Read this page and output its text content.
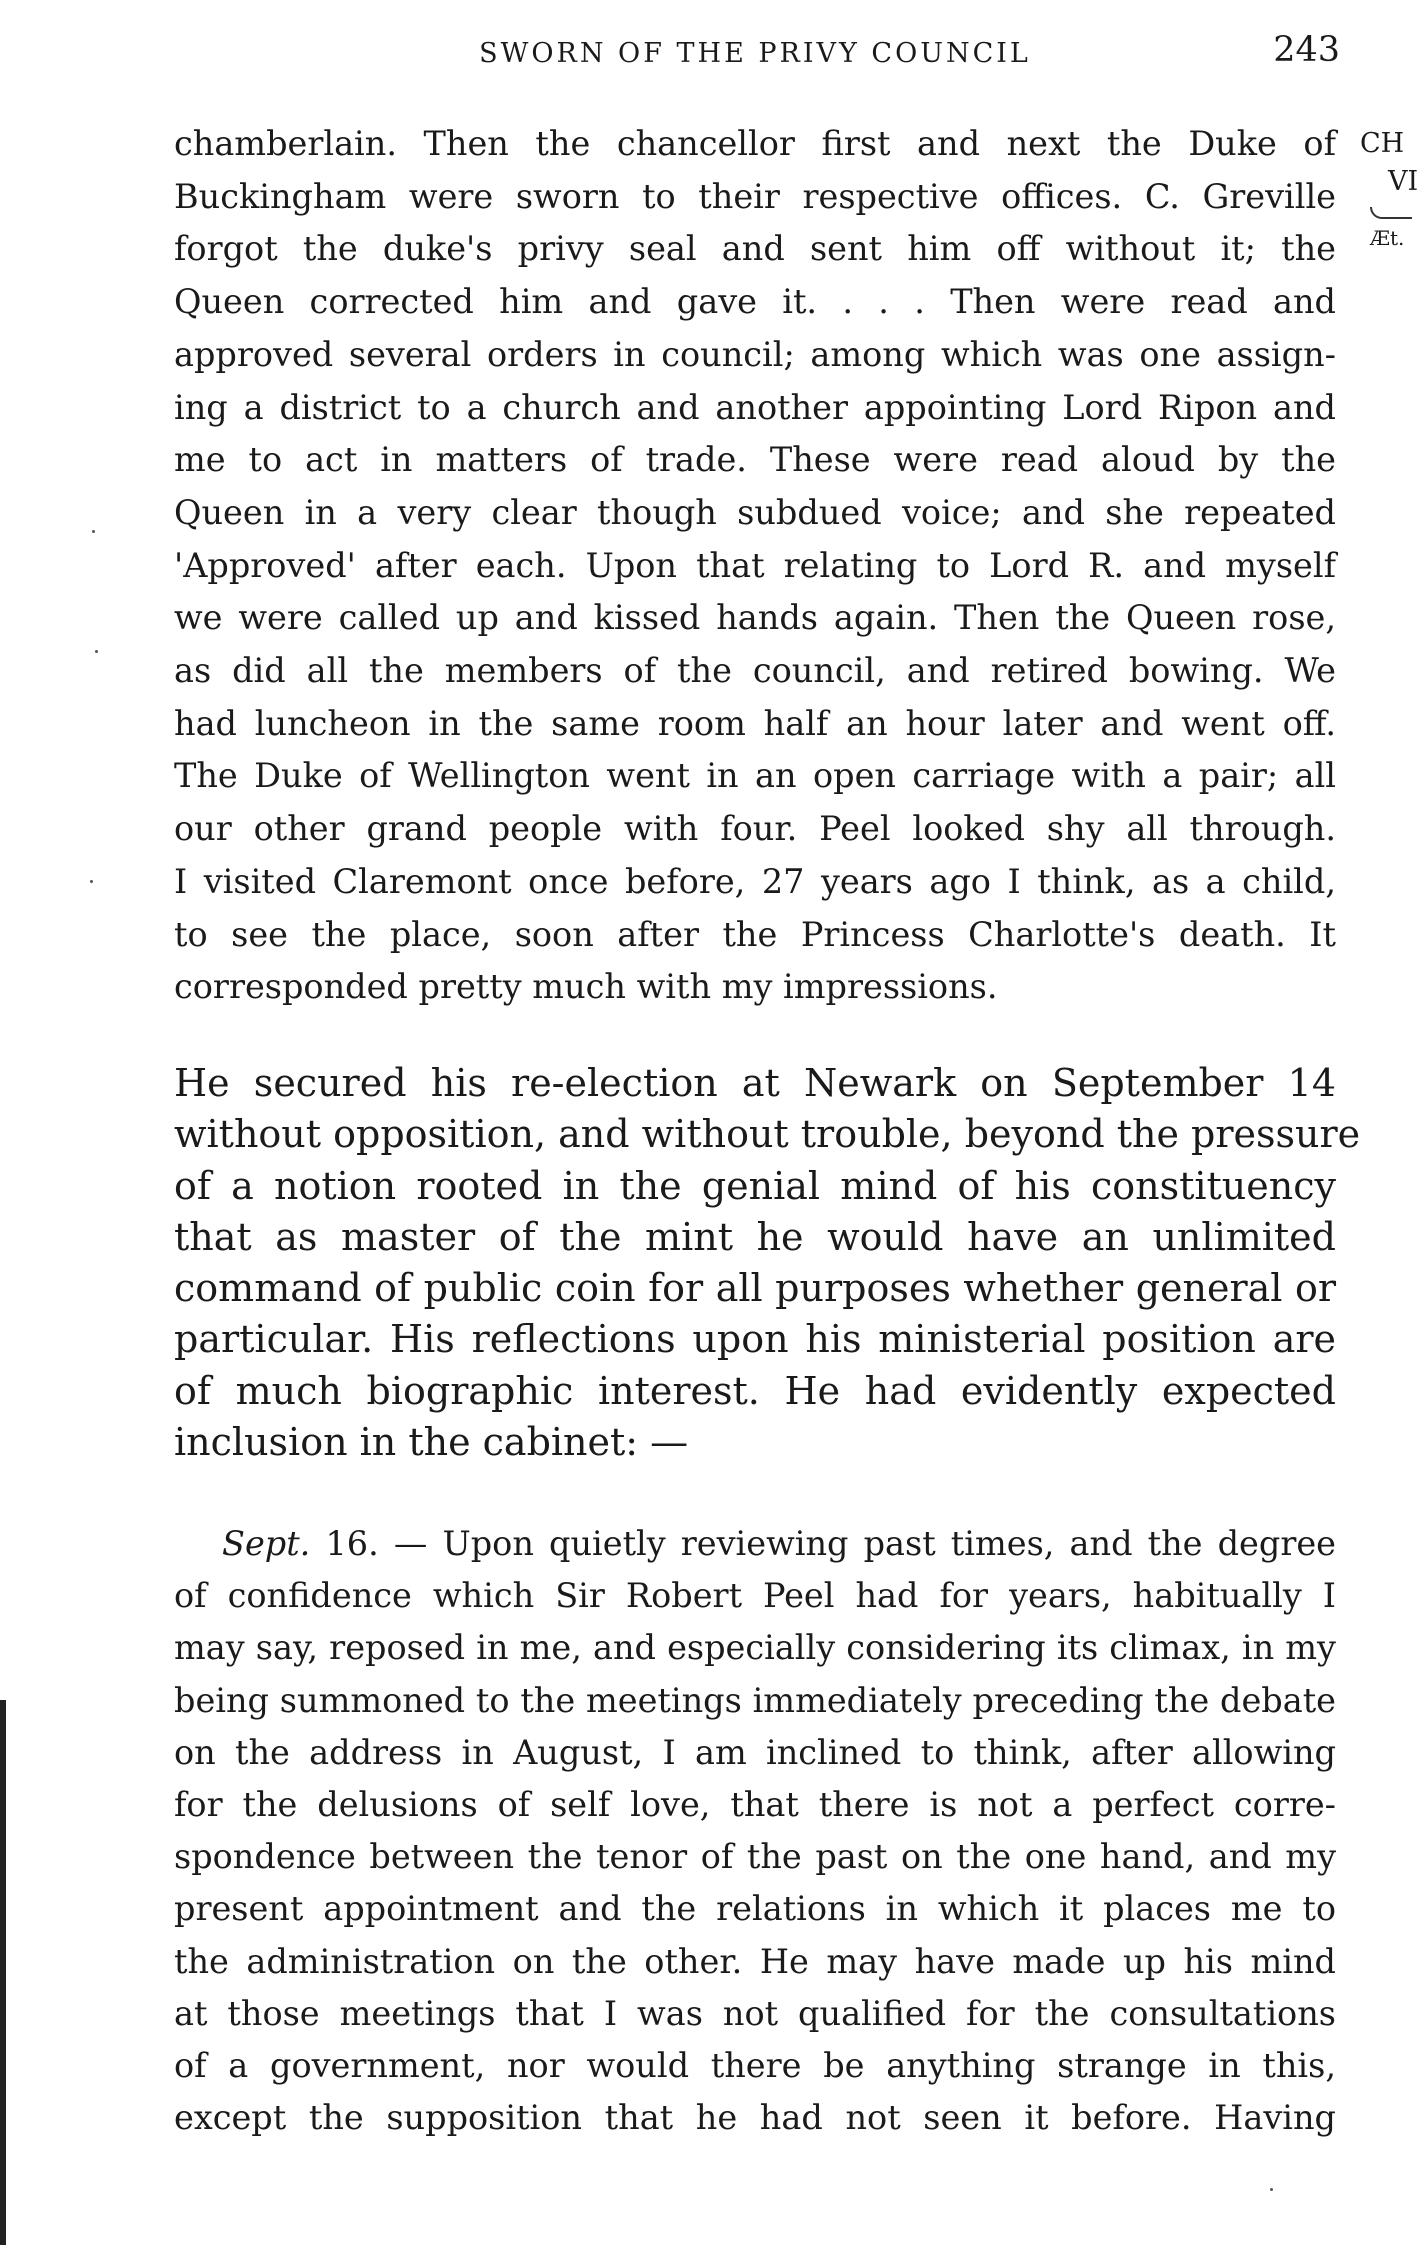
SWORN OF THE PRIVY COUNCIL	243
CH
VI
Æt.
chamberlain. Then the chancellor first and next the Duke of
Buckingham were sworn to their respective offices. C. Greville
forgot the duke's privy seal and sent him off without it; the
Queen corrected him and gave it. . . . Then were read and
approved several orders in council; among which was one assign-
ing a district to a church and another appointing Lord Ripon and
me to act in matters of trade. These were read aloud by the
Queen in a very clear though subdued voice; and she repeated
'Approved' after each. Upon that relating to Lord R. and myself
we were called up and kissed hands again. Then the Queen rose,
as did all the members of the council, and retired bowing. We
had luncheon in the same room half an hour later and went off.
The Duke of Wellington went in an open carriage with a pair; all
our other grand people with four. Peel looked shy all through.
I visited Claremont once before, 27 years ago I think, as a child,
to see the place, soon after the Princess Charlotte's death. It
corresponded pretty much with my impressions.
He secured his re-election at Newark on September 14
without opposition, and without trouble, beyond the pressure
of a notion rooted in the genial mind of his constituency
that as master of the mint he would have an unlimited
command of public coin for all purposes whether general or
particular. His reflections upon his ministerial position are
of much biographic interest. He had evidently expected
inclusion in the cabinet: —
Sept. 16. — Upon quietly reviewing past times, and the degree
of confidence which Sir Robert Peel had for years, habitually I
may say, reposed in me, and especially considering its climax, in my
being summoned to the meetings immediately preceding the debate
on the address in August, I am inclined to think, after allowing
for the delusions of self love, that there is not a perfect corre-
spondence between the tenor of the past on the one hand, and my
present appointment and the relations in which it places me to
the administration on the other. He may have made up his mind
at those meetings that I was not qualified for the consultations
of a government, nor would there be anything strange in this,
except the supposition that he had not seen it before. Having
